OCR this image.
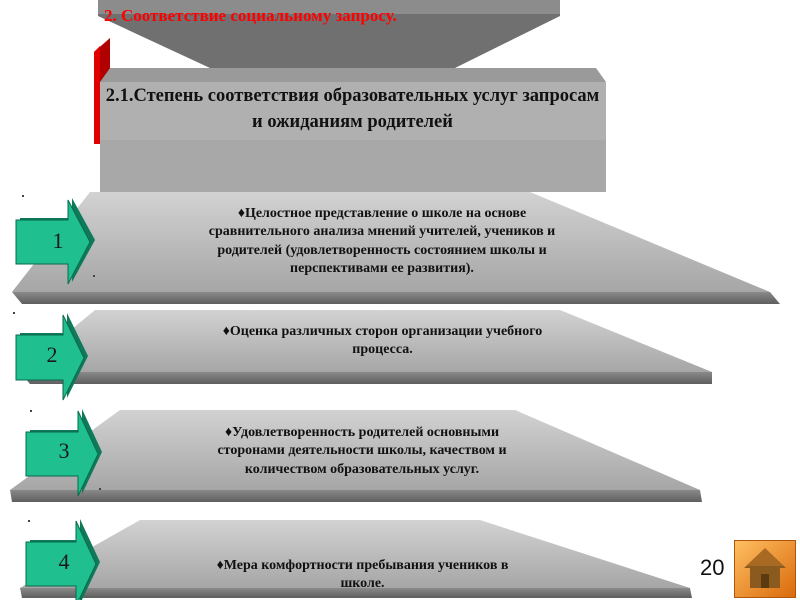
2. Соответствие социальному запросу.
2.1.Степень соответствия образовательных услуг запросам и ожиданиям родителей
1
2
3
4
♦Целостное представление о школе на основе сравнительного анализа мнений учителей, учеников и родителей (удовлетворенность состоянием школы и перспективами ее развития).
♦Оценка различных сторон организации учебного процесса.
♦Удовлетворенность родителей основными сторонами деятельности школы, качеством и количеством образовательных услуг.
♦Мера комфортности пребывания учеников в школе.
20
